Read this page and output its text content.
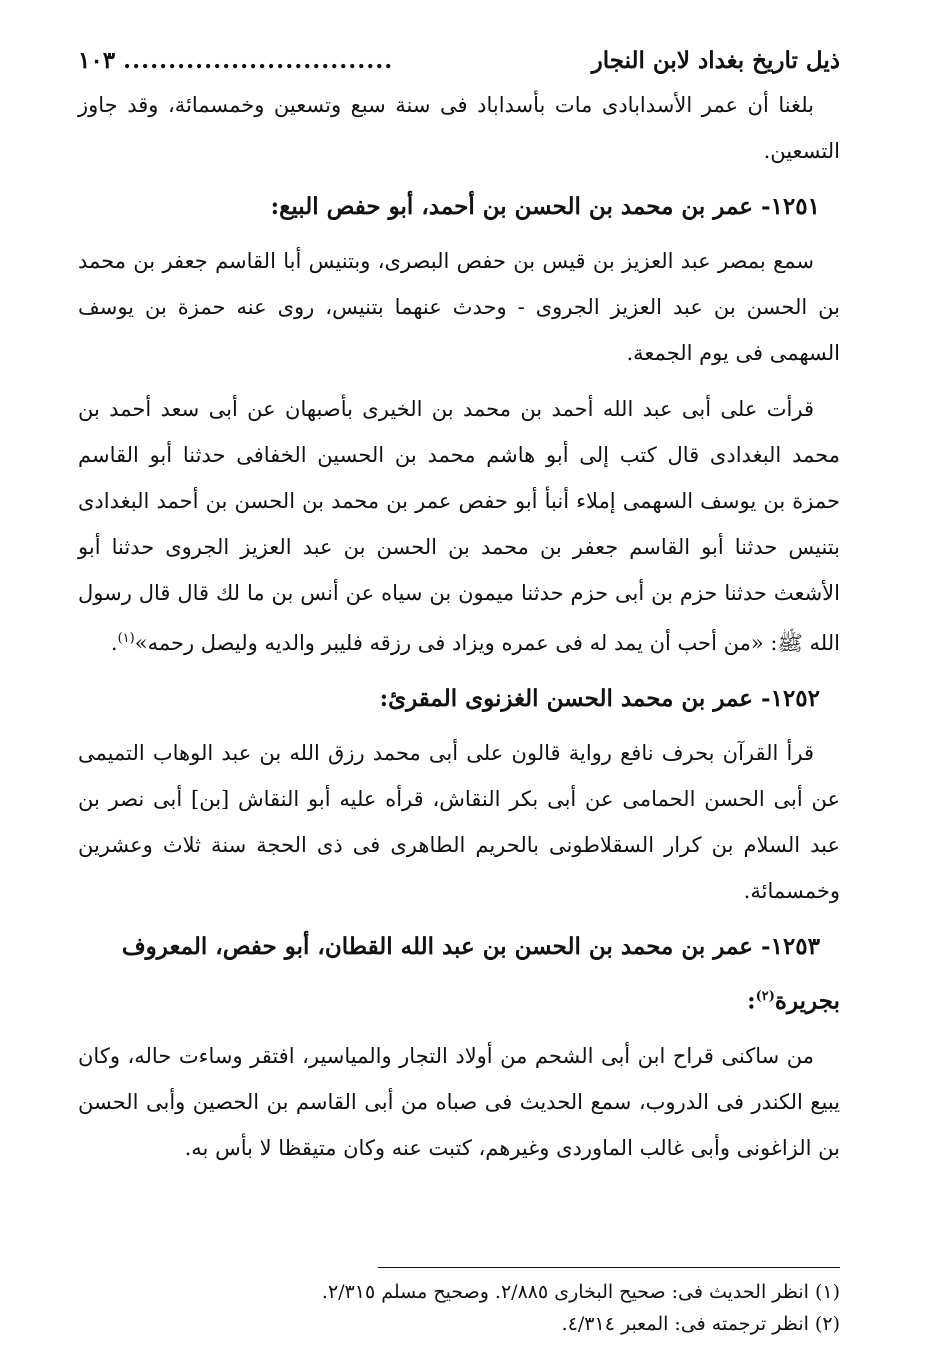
ذيل تاريخ بغداد لابن النجار
..............................
١٠٣

بلغنا أن عمر الأسدابادى مات بأسداباد فى سنة سبع وتسعين وخمسمائة، وقد جاوز التسعين.

١٢٥١- عمر بن محمد بن الحسن بن أحمد، أبو حفص البيع:

سمع بمصر عبد العزيز بن قيس بن حفص البصرى، وبتنيس أبا القاسم جعفر بن محمد بن الحسن بن عبد العزيز الجروى - وحدث عنهما بتنيس، روى عنه حمزة بن يوسف السهمى فى يوم الجمعة.

قرأت على أبى عبد الله أحمد بن محمد بن الخيرى بأصبهان عن أبى سعد أحمد بن محمد البغدادى قال كتب إلى أبو هاشم محمد بن الحسين الخفافى حدثنا أبو القاسم حمزة بن يوسف السهمى إملاء أنبأ أبو حفص عمر بن محمد بن الحسن بن أحمد البغدادى بتنيس حدثنا أبو القاسم جعفر بن محمد بن الحسن بن عبد العزيز الجروى حدثنا أبو الأشعث حدثنا حزم بن أبى حزم حدثنا ميمون بن سياه عن أنس بن ما لك قال قال رسول الله ﷺ: «من أحب أن يمد له فى عمره ويزاد فى رزقه فليبر والديه وليصل رحمه»$^{(١)}$.

١٢٥٢- عمر بن محمد الحسن الغزنوى المقرئ:

قرأ القرآن بحرف نافع رواية قالون على أبى محمد رزق الله بن عبد الوهاب التميمى عن أبى الحسن الحمامى عن أبى بكر النقاش، قرأه عليه أبو النقاش [بن] أبى نصر بن عبد السلام بن كرار السقلاطونى بالحريم الطاهرى فى ذى الحجة سنة ثلاث وعشرين وخمسمائة.

١٢٥٣- عمر بن محمد بن الحسن بن عبد الله القطان، أبو حفص، المعروف بجريرة$^{(٢)}$:

من ساكنى قراح ابن أبى الشحم من أولاد التجار والمياسير، افتقر وساءت حاله، وكان يبيع الكندر فى الدروب، سمع الحديث فى صباه من أبى القاسم بن الحصين وأبى الحسن بن الزاغونى وأبى غالب الماوردى وغيرهم، كتبت عنه وكان متيقظا لا بأس به.

(١) انظر الحديث فى: صحيح البخارى ٢/٨٨٥. وصحيح مسلم ٢/٣١٥.
(٢) انظر ترجمته فى: المعبر ٤/٣١٤.
